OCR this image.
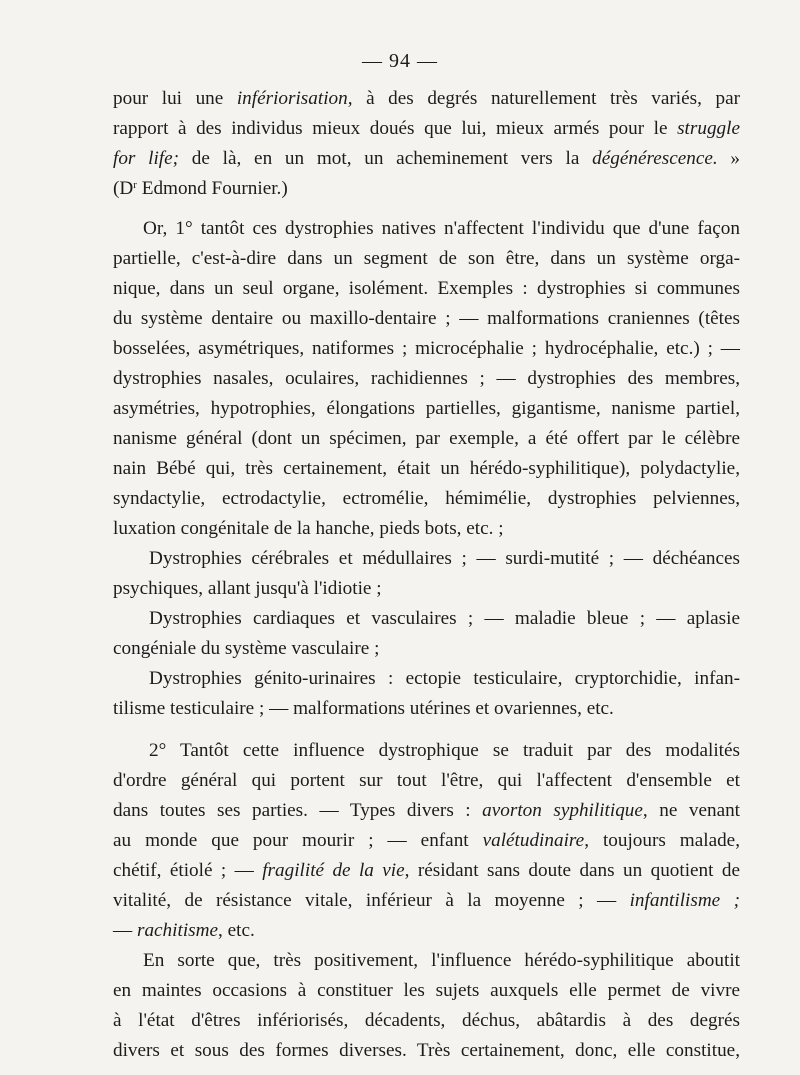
— 94 —
pour lui une infériorisation, à des degrés naturellement très variés, par
rapport à des individus mieux doués que lui, mieux armés pour le struggle
for life; de là, en un mot, un acheminement vers la dégénérescence. »
($D^r$ Edmond Fournier.)
Or, 1° tantôt ces dystrophies natives n'affectent l'individu que d'une façon
partielle, c'est-à-dire dans un segment de son être, dans un système orga-
nique, dans un seul organe, isolément. Exemples : dystrophies si communes
du système dentaire ou maxillo-dentaire ; — malformations craniennes (têtes
bosselées, asymétriques, natiformes ; microcéphalie ; hydrocéphalie, etc.) ; —
dystrophies nasales, oculaires, rachidiennes ; — dystrophies des membres,
asymétries, hypotrophies, élongations partielles, gigantisme, nanisme partiel,
nanisme général (dont un spécimen, par exemple, a été offert par le célèbre
nain Bébé qui, très certainement, était un hérédo-syphilitique), polydactylie,
syndactylie, ectrodactylie, ectromélie, hémimélie, dystrophies pelviennes,
luxation congénitale de la hanche, pieds bots, etc. ;
Dystrophies cérébrales et médullaires ; — surdi-mutité ; — déchéances
psychiques, allant jusqu'à l'idiotie ;
Dystrophies cardiaques et vasculaires ; — maladie bleue ; — aplasie
congéniale du système vasculaire ;
Dystrophies génito-urinaires : ectopie testiculaire, cryptorchidie, infan-
tilisme testiculaire ; — malformations utérines et ovariennes, etc.
2° Tantôt cette influence dystrophique se traduit par des modalités
d'ordre général qui portent sur tout l'être, qui l'affectent d'ensemble et
dans toutes ses parties. — Types divers : avorton syphilitique, ne venant
au monde que pour mourir ; — enfant valétudinaire, toujours malade,
chétif, étiolé ; — fragilité de la vie, résidant sans doute dans un quotient de
vitalité, de résistance vitale, inférieur à la moyenne ; — infantilisme ;
— rachitisme, etc.
En sorte que, très positivement, l'influence hérédo-syphilitique aboutit
en maintes occasions à constituer les sujets auxquels elle permet de vivre
à l'état d'êtres infériorisés, décadents, déchus, abâtardis à des degrés
divers et sous des formes diverses. Très certainement, donc, elle constitue,
